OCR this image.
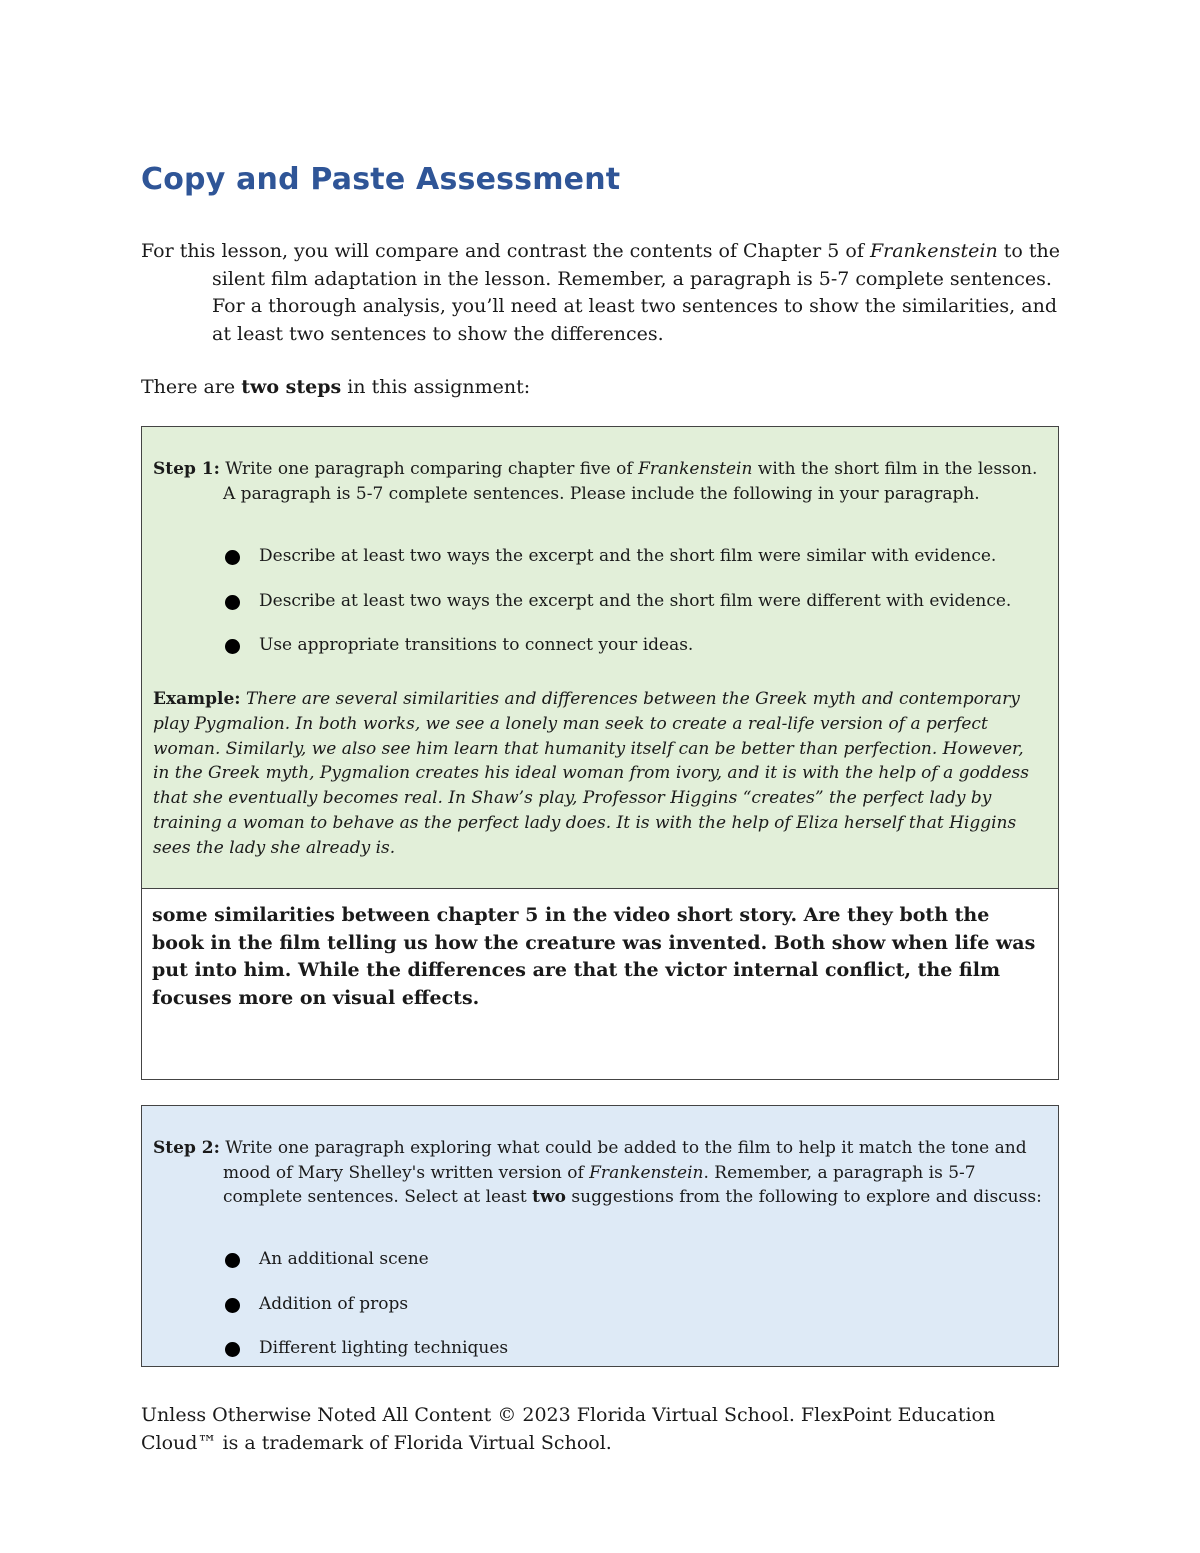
Copy and Paste Assessment

For this lesson, you will compare and contrast the contents of Chapter 5 of Frankenstein to the silent film adaptation in the lesson. Remember, a paragraph is 5-7 complete sentences. For a thorough analysis, you’ll need at least two sentences to show the similarities, and at least two sentences to show the differences.

There are two steps in this assignment:

Step 1: Write one paragraph comparing chapter five of Frankenstein with the short film in the lesson. A paragraph is 5-7 complete sentences. Please include the following in your paragraph.

Describe at least two ways the excerpt and the short film were similar with evidence.
Describe at least two ways the excerpt and the short film were different with evidence.
Use appropriate transitions to connect your ideas.

Example: There are several similarities and differences between the Greek myth and contemporary play Pygmalion. In both works, we see a lonely man seek to create a real-life version of a perfect woman. Similarly, we also see him learn that humanity itself can be better than perfection. However, in the Greek myth, Pygmalion creates his ideal woman from ivory, and it is with the help of a goddess that she eventually becomes real. In Shaw’s play, Professor Higgins “creates” the perfect lady by training a woman to behave as the perfect lady does. It is with the help of Eliza herself that Higgins sees the lady she already is.

some similarities between chapter 5 in the video short story. Are they both the book in the film telling us how the creature was invented. Both show when life was put into him. While the differences are that the victor internal conflict, the film focuses more on visual effects.

Step 2: Write one paragraph exploring what could be added to the film to help it match the tone and mood of Mary Shelley's written version of Frankenstein. Remember, a paragraph is 5-7 complete sentences. Select at least two suggestions from the following to explore and discuss:

An additional scene
Addition of props
Different lighting techniques

Unless Otherwise Noted All Content © 2023 Florida Virtual School. FlexPoint Education Cloud™ is a trademark of Florida Virtual School.
